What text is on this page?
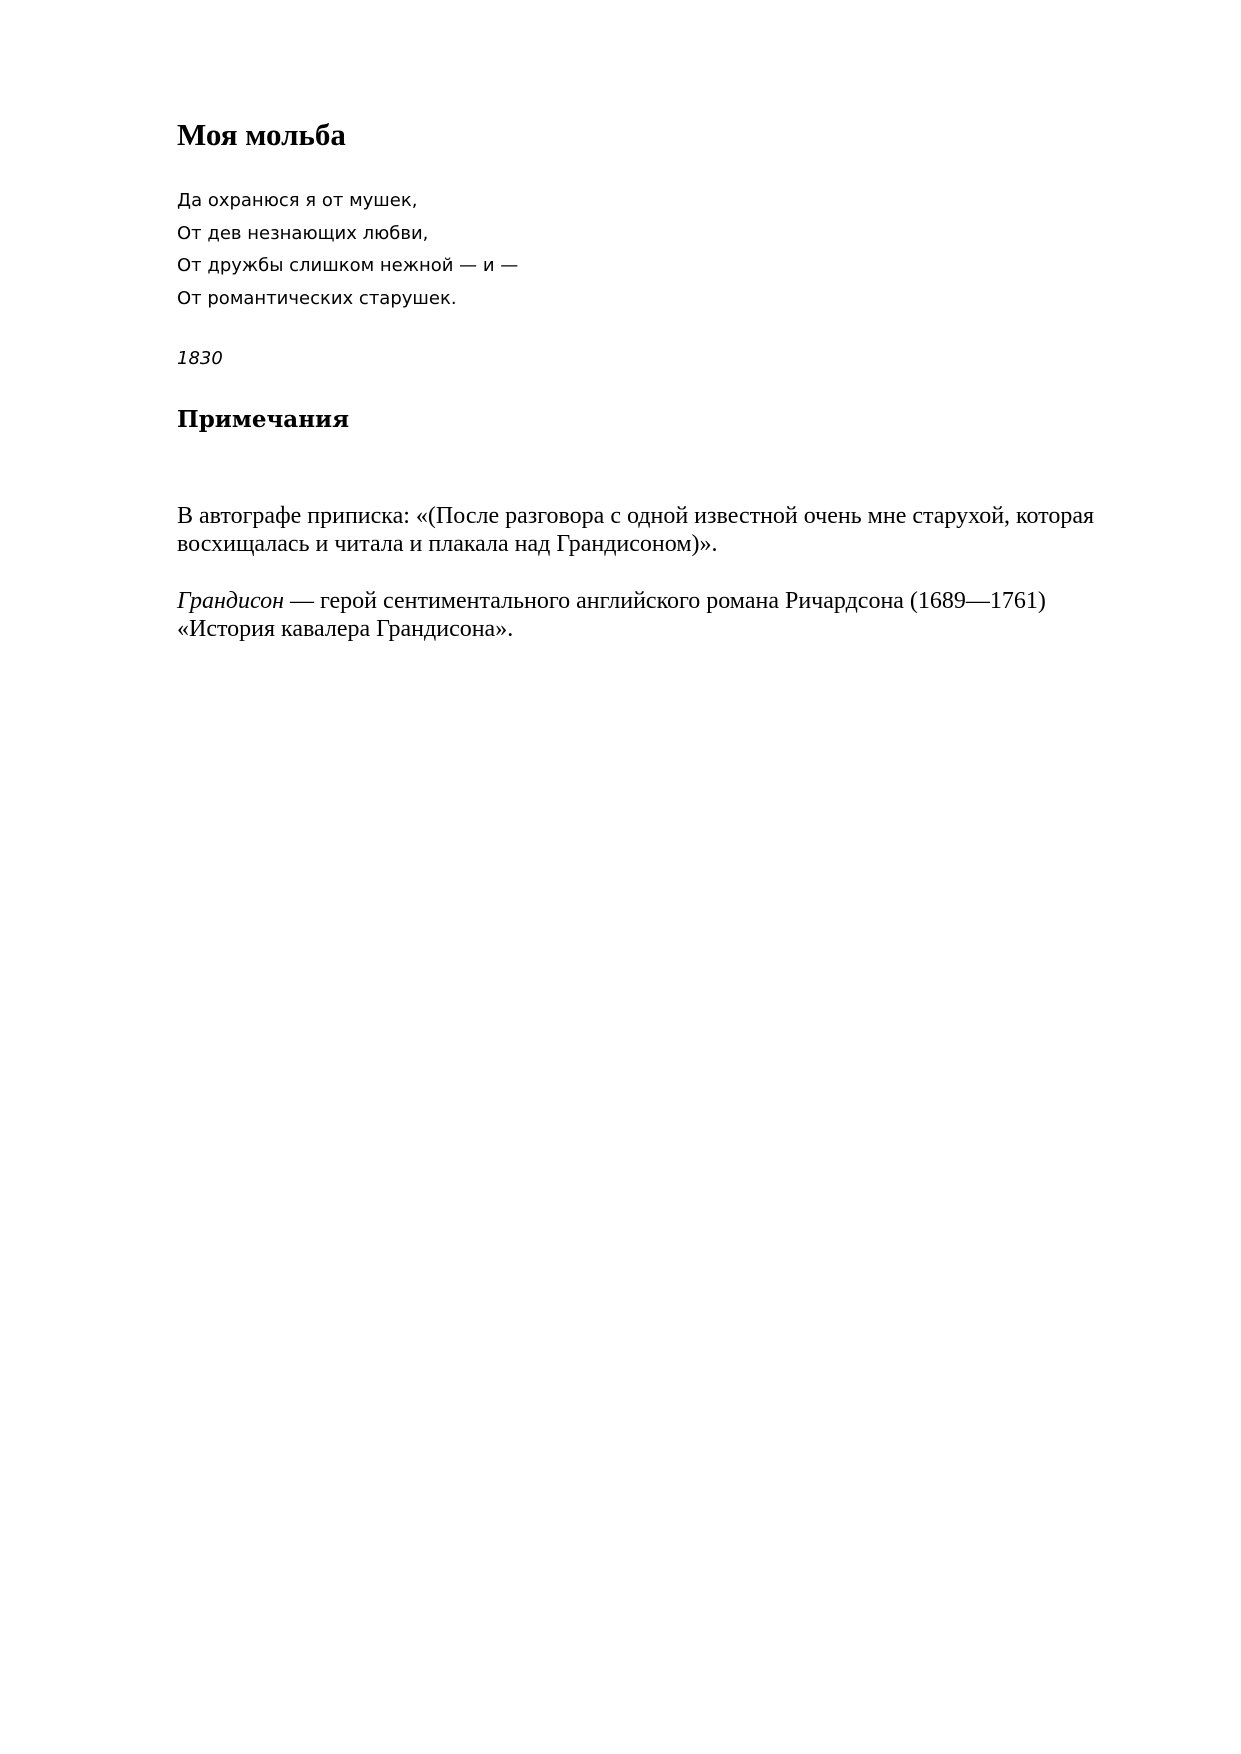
Моя мольба
Да охранюся я от мушек,
От дев незнающих любви,
От дружбы слишком нежной — и —
От романтических старушек.

1830

Примечания

В автографе приписка: «(После разговора с одной известной очень мне старухой, которая восхищалась и читала и плакала над Грандисоном)».

Грандисон — герой сентиментального английского романа Ричардсона (1689—1761) «История кавалера Грандисона».
